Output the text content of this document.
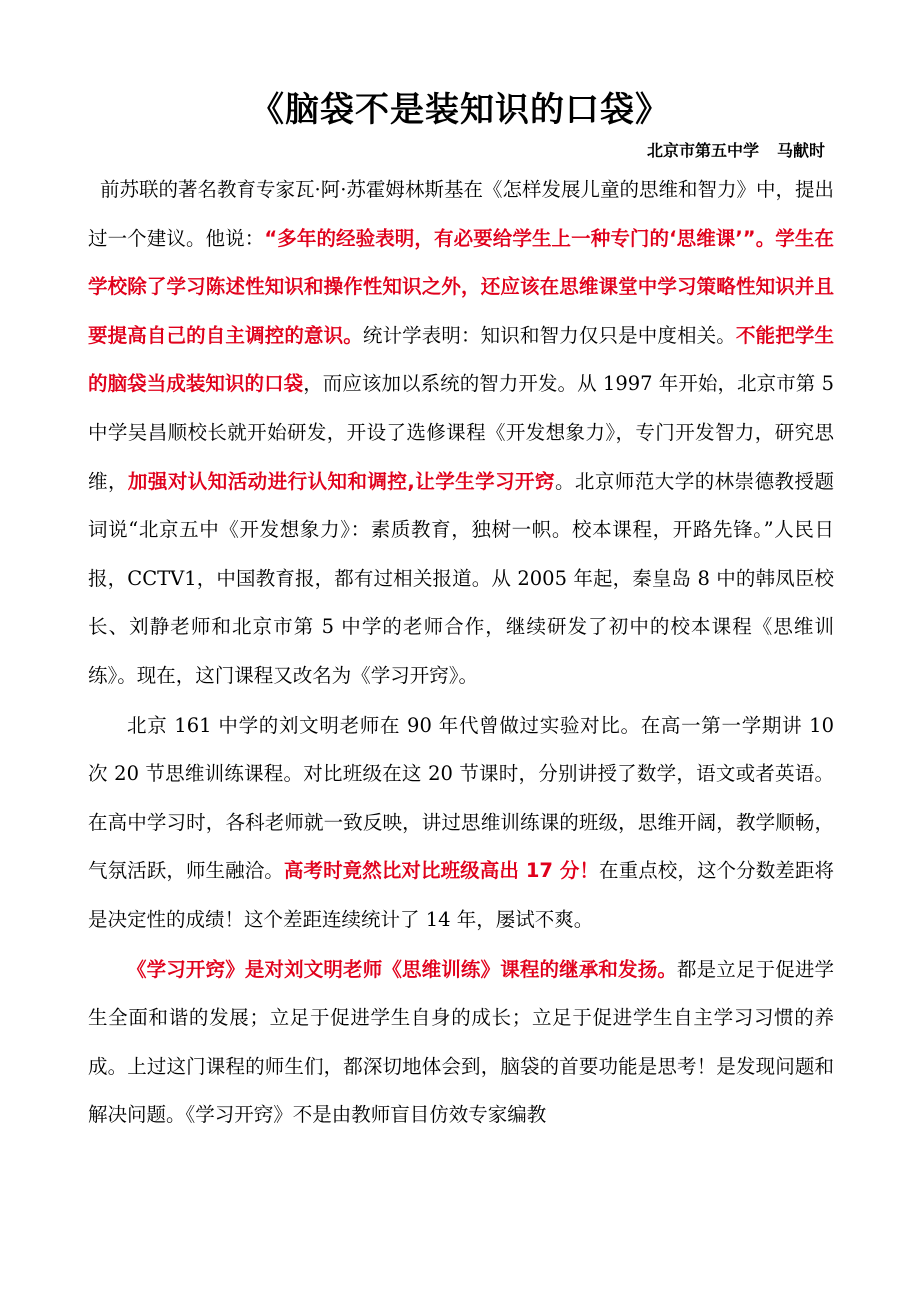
《脑袋不是装知识的口袋》
北京市第五中学 马献时

前苏联的著名教育专家瓦·阿·苏霍姆林斯基在《怎样发展儿童的思维和智力》中，提出过一个建议。他说：“多年的经验表明，有必要给学生上一种专门的‘思维课’”。学生在学校除了学习陈述性知识和操作性知识之外，还应该在思维课堂中学习策略性知识并且要提高自己的自主调控的意识。统计学表明：知识和智力仅只是中度相关。不能把学生的脑袋当成装知识的口袋，而应该加以系统的智力开发。从 1997 年开始，北京市第 5 中学吴昌顺校长就开始研发，开设了选修课程《开发想象力》，专门开发智力，研究思维，加强对认知活动进行认知和调控,让学生学习开窍。北京师范大学的林崇德教授题词说“北京五中《开发想象力》：素质教育，独树一帜。校本课程，开路先锋。”人民日报，CCTV1，中国教育报，都有过相关报道。从 2005 年起，秦皇岛 8 中的韩凤臣校长、刘静老师和北京市第 5 中学的老师合作，继续研发了初中的校本课程《思维训练》。现在，这门课程又改名为《学习开窍》。

北京 161 中学的刘文明老师在 90 年代曾做过实验对比。在高一第一学期讲 10 次 20 节思维训练课程。对比班级在这 20 节课时，分别讲授了数学，语文或者英语。在高中学习时，各科老师就一致反映，讲过思维训练课的班级，思维开阔，教学顺畅，气氛活跃，师生融洽。高考时竟然比对比班级高出 17 分！在重点校，这个分数差距将是决定性的成绩！这个差距连续统计了 14 年，屡试不爽。

《学习开窍》是对刘文明老师《思维训练》课程的继承和发扬。都是立足于促进学生全面和谐的发展；立足于促进学生自身的成长；立足于促进学生自主学习习惯的养成。上过这门课程的师生们，都深切地体会到，脑袋的首要功能是思考！是发现问题和解决问题。《学习开窍》不是由教师盲目仿效专家编教
